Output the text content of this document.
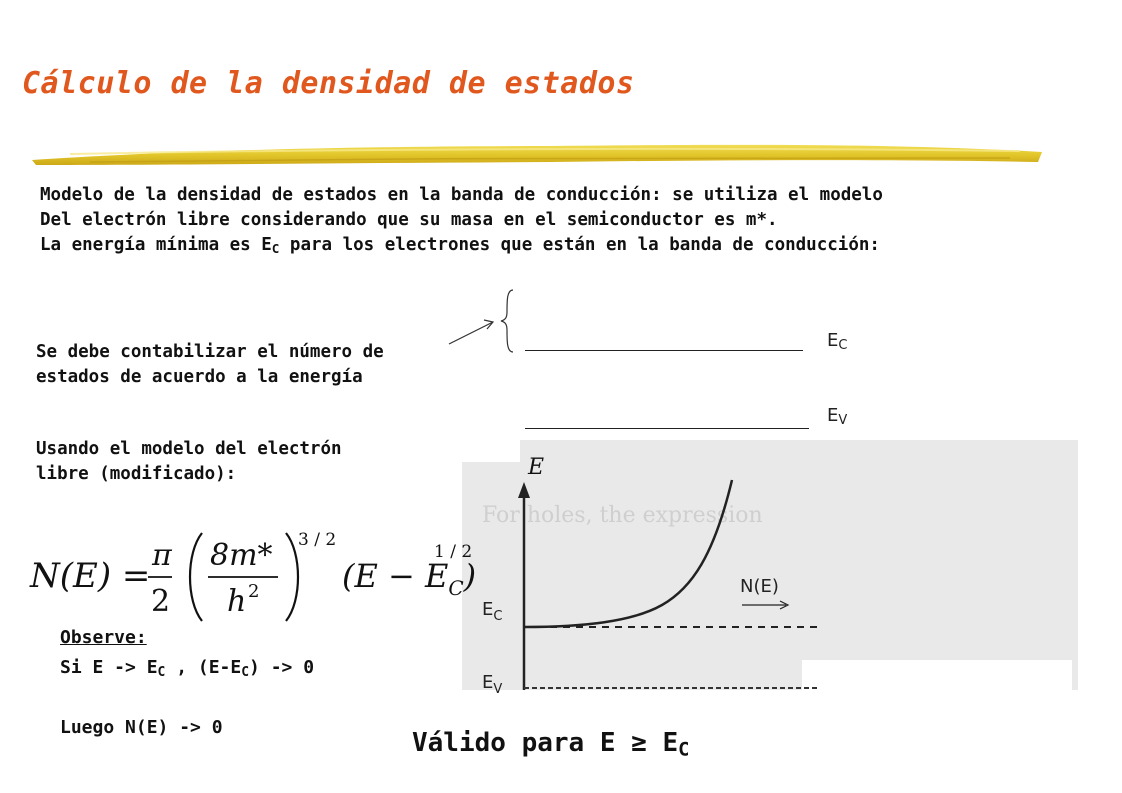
Cálculo de la densidad de estados
Modelo de la densidad de estados en la banda de conducción: se utiliza el modelo
Del electrón libre considerando que su masa en el semiconductor es m*.
La energía mínima es $E_C$ para los electrones que están en la banda de conducción:
Se debe contabilizar el número de
estados de acuerdo a la energía
$E_C$
$E_V$
Usando el modelo del electrón
libre (modificado):
For holes, the expression
E
$E_C$
$E_V$
N(E)
N(E) =
π
2
8m*
h 2
3 / 2
$(E - E_C)$
1 / 2
Observe:
Si $E -> E_C$ , $(E-E_C) -> 0$
Luego N(E) -> 0
Válido para $E \ge E_C$
